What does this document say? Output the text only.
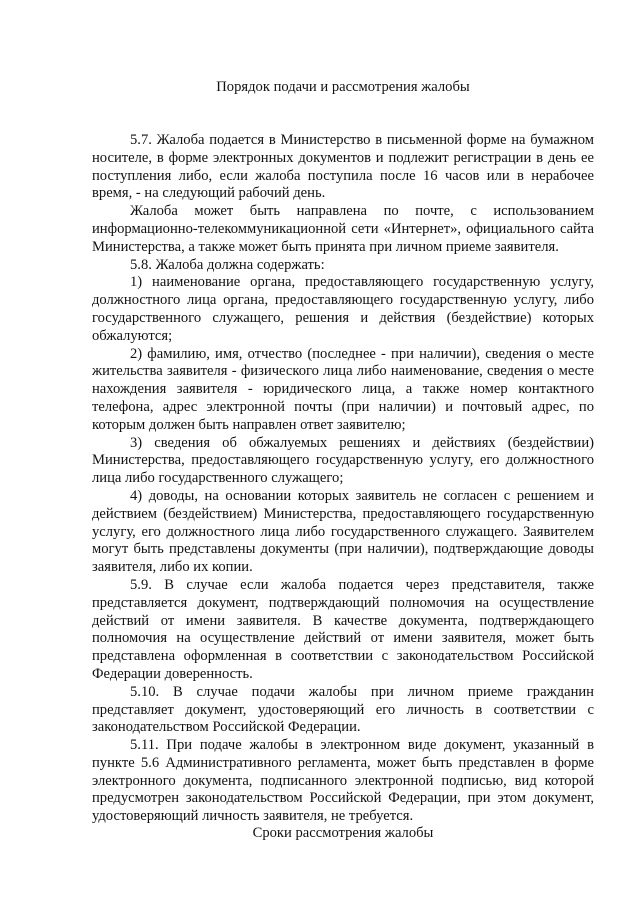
Порядок подачи и рассмотрения жалобы

5.7. Жалоба подается в Министерство в письменной форме на бумажном носителе, в форме электронных документов и подлежит регистрации в день ее поступления либо, если жалоба поступила после 16 часов или в нерабочее время, - на следующий рабочий день.

Жалоба может быть направлена по почте, с использованием информационно-телекоммуникационной сети «Интернет», официального сайта Министерства, а также может быть принята при личном приеме заявителя.

5.8. Жалоба должна содержать:

1) наименование органа, предоставляющего государственную услугу, должностного лица органа, предоставляющего государственную услугу, либо государственного служащего, решения и действия (бездействие) которых обжалуются;

2) фамилию, имя, отчество (последнее - при наличии), сведения о месте жительства заявителя - физического лица либо наименование, сведения о месте нахождения заявителя - юридического лица, а также номер контактного телефона, адрес электронной почты (при наличии) и почтовый адрес, по которым должен быть направлен ответ заявителю;

3) сведения об обжалуемых решениях и действиях (бездействии) Министерства, предоставляющего государственную услугу, его должностного лица либо государственного служащего;

4) доводы, на основании которых заявитель не согласен с решением и действием (бездействием) Министерства, предоставляющего государственную услугу, его должностного лица либо государственного служащего. Заявителем могут быть представлены документы (при наличии), подтверждающие доводы заявителя, либо их копии.

5.9. В случае если жалоба подается через представителя, также представляется документ, подтверждающий полномочия на осуществление действий от имени заявителя. В качестве документа, подтверждающего полномочия на осуществление действий от имени заявителя, может быть представлена оформленная в соответствии с законодательством Российской Федерации доверенность.

5.10. В случае подачи жалобы при личном приеме гражданин представляет документ, удостоверяющий его личность в соответствии с законодательством Российской Федерации.

5.11. При подаче жалобы в электронном виде документ, указанный в пункте 5.6 Административного регламента, может быть представлен в форме электронного документа, подписанного электронной подписью, вид которой предусмотрен законодательством Российской Федерации, при этом документ, удостоверяющий личность заявителя, не требуется.

Сроки рассмотрения жалобы
